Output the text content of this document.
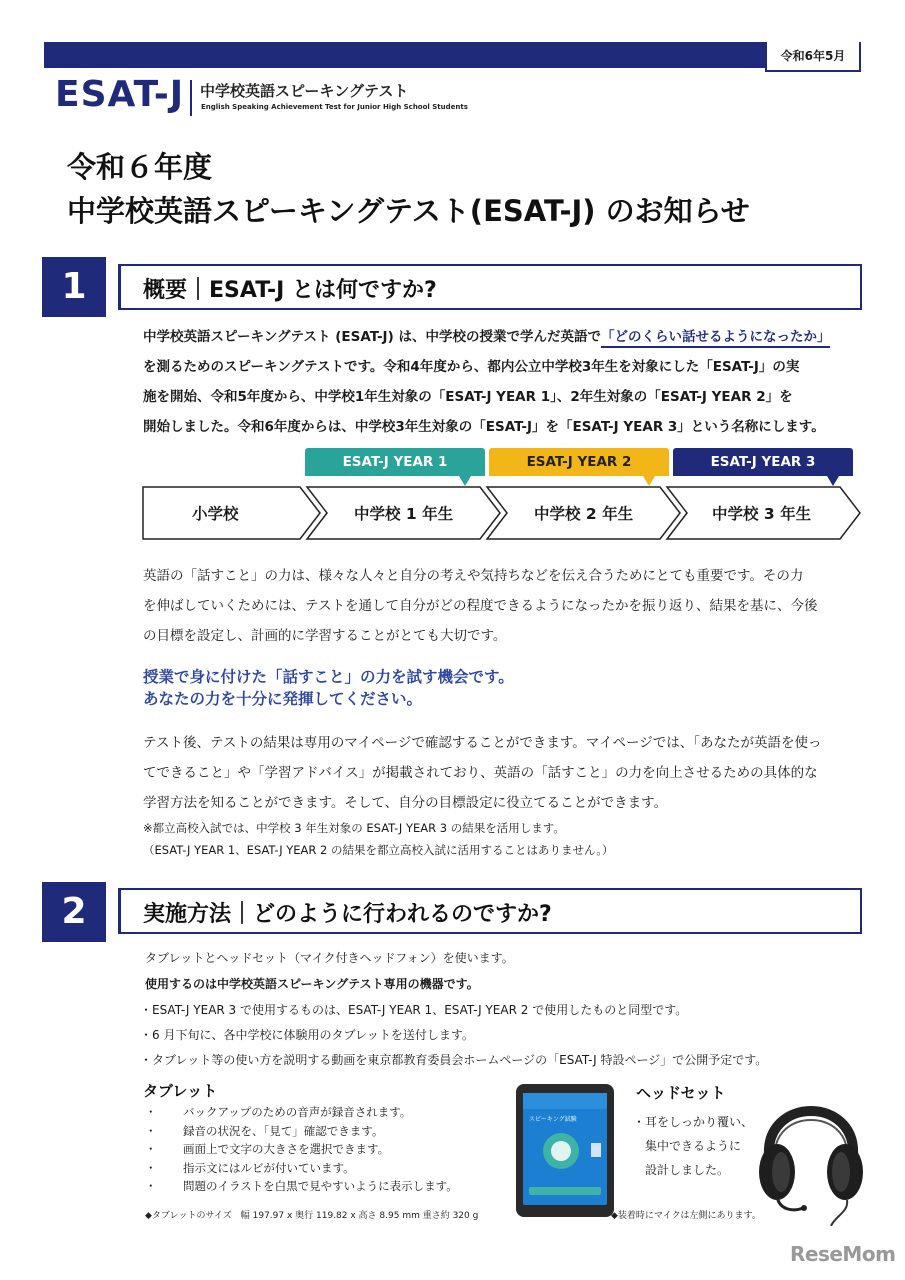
令和6年5月
ESAT-J 中学校英語スピーキングテスト
English Speaking Achievement Test for Junior High School Students
令和６年度
中学校英語スピーキングテスト(ESAT-J) のお知らせ
1	概要｜ESAT-J とは何ですか?
中学校英語スピーキングテスト (ESAT-J) は、中学校の授業で学んだ英語で「どのくらい話せるようになったか」
を測るためのスピーキングテストです。令和4年度から、都内公立中学校3年生を対象にした「ESAT-J」の実
施を開始、令和5年度から、中学校1年生対象の「ESAT-J YEAR 1」、2年生対象の「ESAT-J YEAR 2」を
開始しました。令和6年度からは、中学校3年生対象の「ESAT-J」を「ESAT-J YEAR 3」という名称にします。
ESAT-J YEAR 1	ESAT-J YEAR 2	ESAT-J YEAR 3
小学校	中学校 1 年生	中学校 2 年生	中学校 3 年生
英語の「話すこと」の力は、様々な人々と自分の考えや気持ちなどを伝え合うためにとても重要です。その力
を伸ばしていくためには、テストを通して自分がどの程度できるようになったかを振り返り、結果を基に、今後
の目標を設定し、計画的に学習することがとても大切です。
授業で身に付けた「話すこと」の力を試す機会です。
あなたの力を十分に発揮してください。
テスト後、テストの結果は専用のマイページで確認することができます。マイページでは、「あなたが英語を使っ
てできること」や「学習アドバイス」が掲載されており、英語の「話すこと」の力を向上させるための具体的な
学習方法を知ることができます。そして、自分の目標設定に役立てることができます。
※都立高校入試では、中学校 3 年生対象の ESAT-J YEAR 3 の結果を活用します。
（ESAT-J YEAR 1、ESAT-J YEAR 2 の結果を都立高校入試に活用することはありません。）
2	実施方法｜どのように行われるのですか?
タブレットとヘッドセット（マイク付きヘッドフォン）を使います。
使用するのは中学校英語スピーキングテスト専用の機器です。
・ESAT-J YEAR 3 で使用するものは、ESAT-J YEAR 1、ESAT-J YEAR 2 で使用したものと同型です。
・6 月下旬に、各中学校に体験用のタブレットを送付します。
・タブレット等の使い方を説明する動画を東京都教育委員会ホームページの「ESAT-J 特設ページ」で公開予定です。
タブレット
・	バックアップのための音声が録音されます。
・	録音の状況を、「見て」確認できます。
・	画面上で文字の大きさを選択できます。
・	指示文にはルビが付いています。
・	問題のイラストを白黒で見やすいように表示します。
◆タブレットのサイズ　幅 197.97 x 奥行 119.82 x 高さ 8.95 mm 重さ約 320 g
スピーキング試験
ヘッドセット
・耳をしっかり覆い、
集中できるように
設計しました。
◆装着時にマイクは左側にあります。
ReseMom
